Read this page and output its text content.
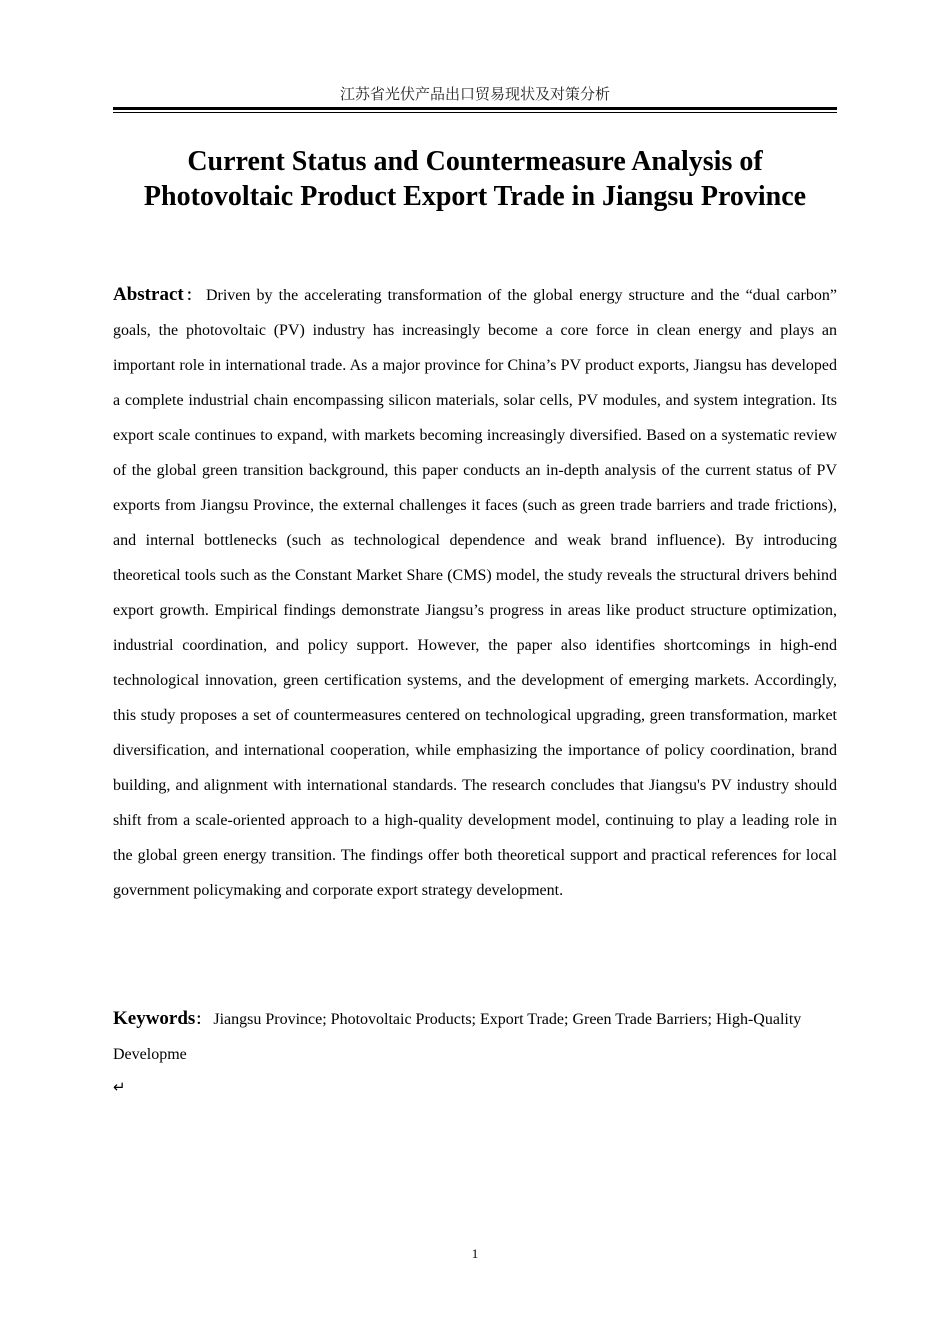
江苏省光伏产品出口贸易现状及对策分析
Current Status and Countermeasure Analysis of
Photovoltaic Product Export Trade in Jiangsu Province

Abstract： Driven by the accelerating transformation of the global energy structure and the “dual carbon” goals, the photovoltaic (PV) industry has increasingly become a core force in clean energy and plays an important role in international trade. As a major province for China’s PV product exports, Jiangsu has developed a complete industrial chain encompassing silicon materials, solar cells, PV modules, and system integration. Its export scale continues to expand, with markets becoming increasingly diversified. Based on a systematic review of the global green transition background, this paper conducts an in-depth analysis of the current status of PV exports from Jiangsu Province, the external challenges it faces (such as green trade barriers and trade frictions), and internal bottlenecks (such as technological dependence and weak brand influence). By introducing theoretical tools such as the Constant Market Share (CMS) model, the study reveals the structural drivers behind export growth. Empirical findings demonstrate Jiangsu’s progress in areas like product structure optimization, industrial coordination, and policy support. However, the paper also identifies shortcomings in high-end technological innovation, green certification systems, and the development of emerging markets. Accordingly, this study proposes a set of countermeasures centered on technological upgrading, green transformation, market diversification, and international cooperation, while emphasizing the importance of policy coordination, brand building, and alignment with international standards. The research concludes that Jiangsu's PV industry should shift from a scale-oriented approach to a high-quality development model, continuing to play a leading role in the global green energy transition. The findings offer both theoretical support and practical references for local government policymaking and corporate export strategy development.

Keywords： Jiangsu Province; Photovoltaic Products; Export Trade; Green Trade Barriers; High-Quality Developme

↵
1
